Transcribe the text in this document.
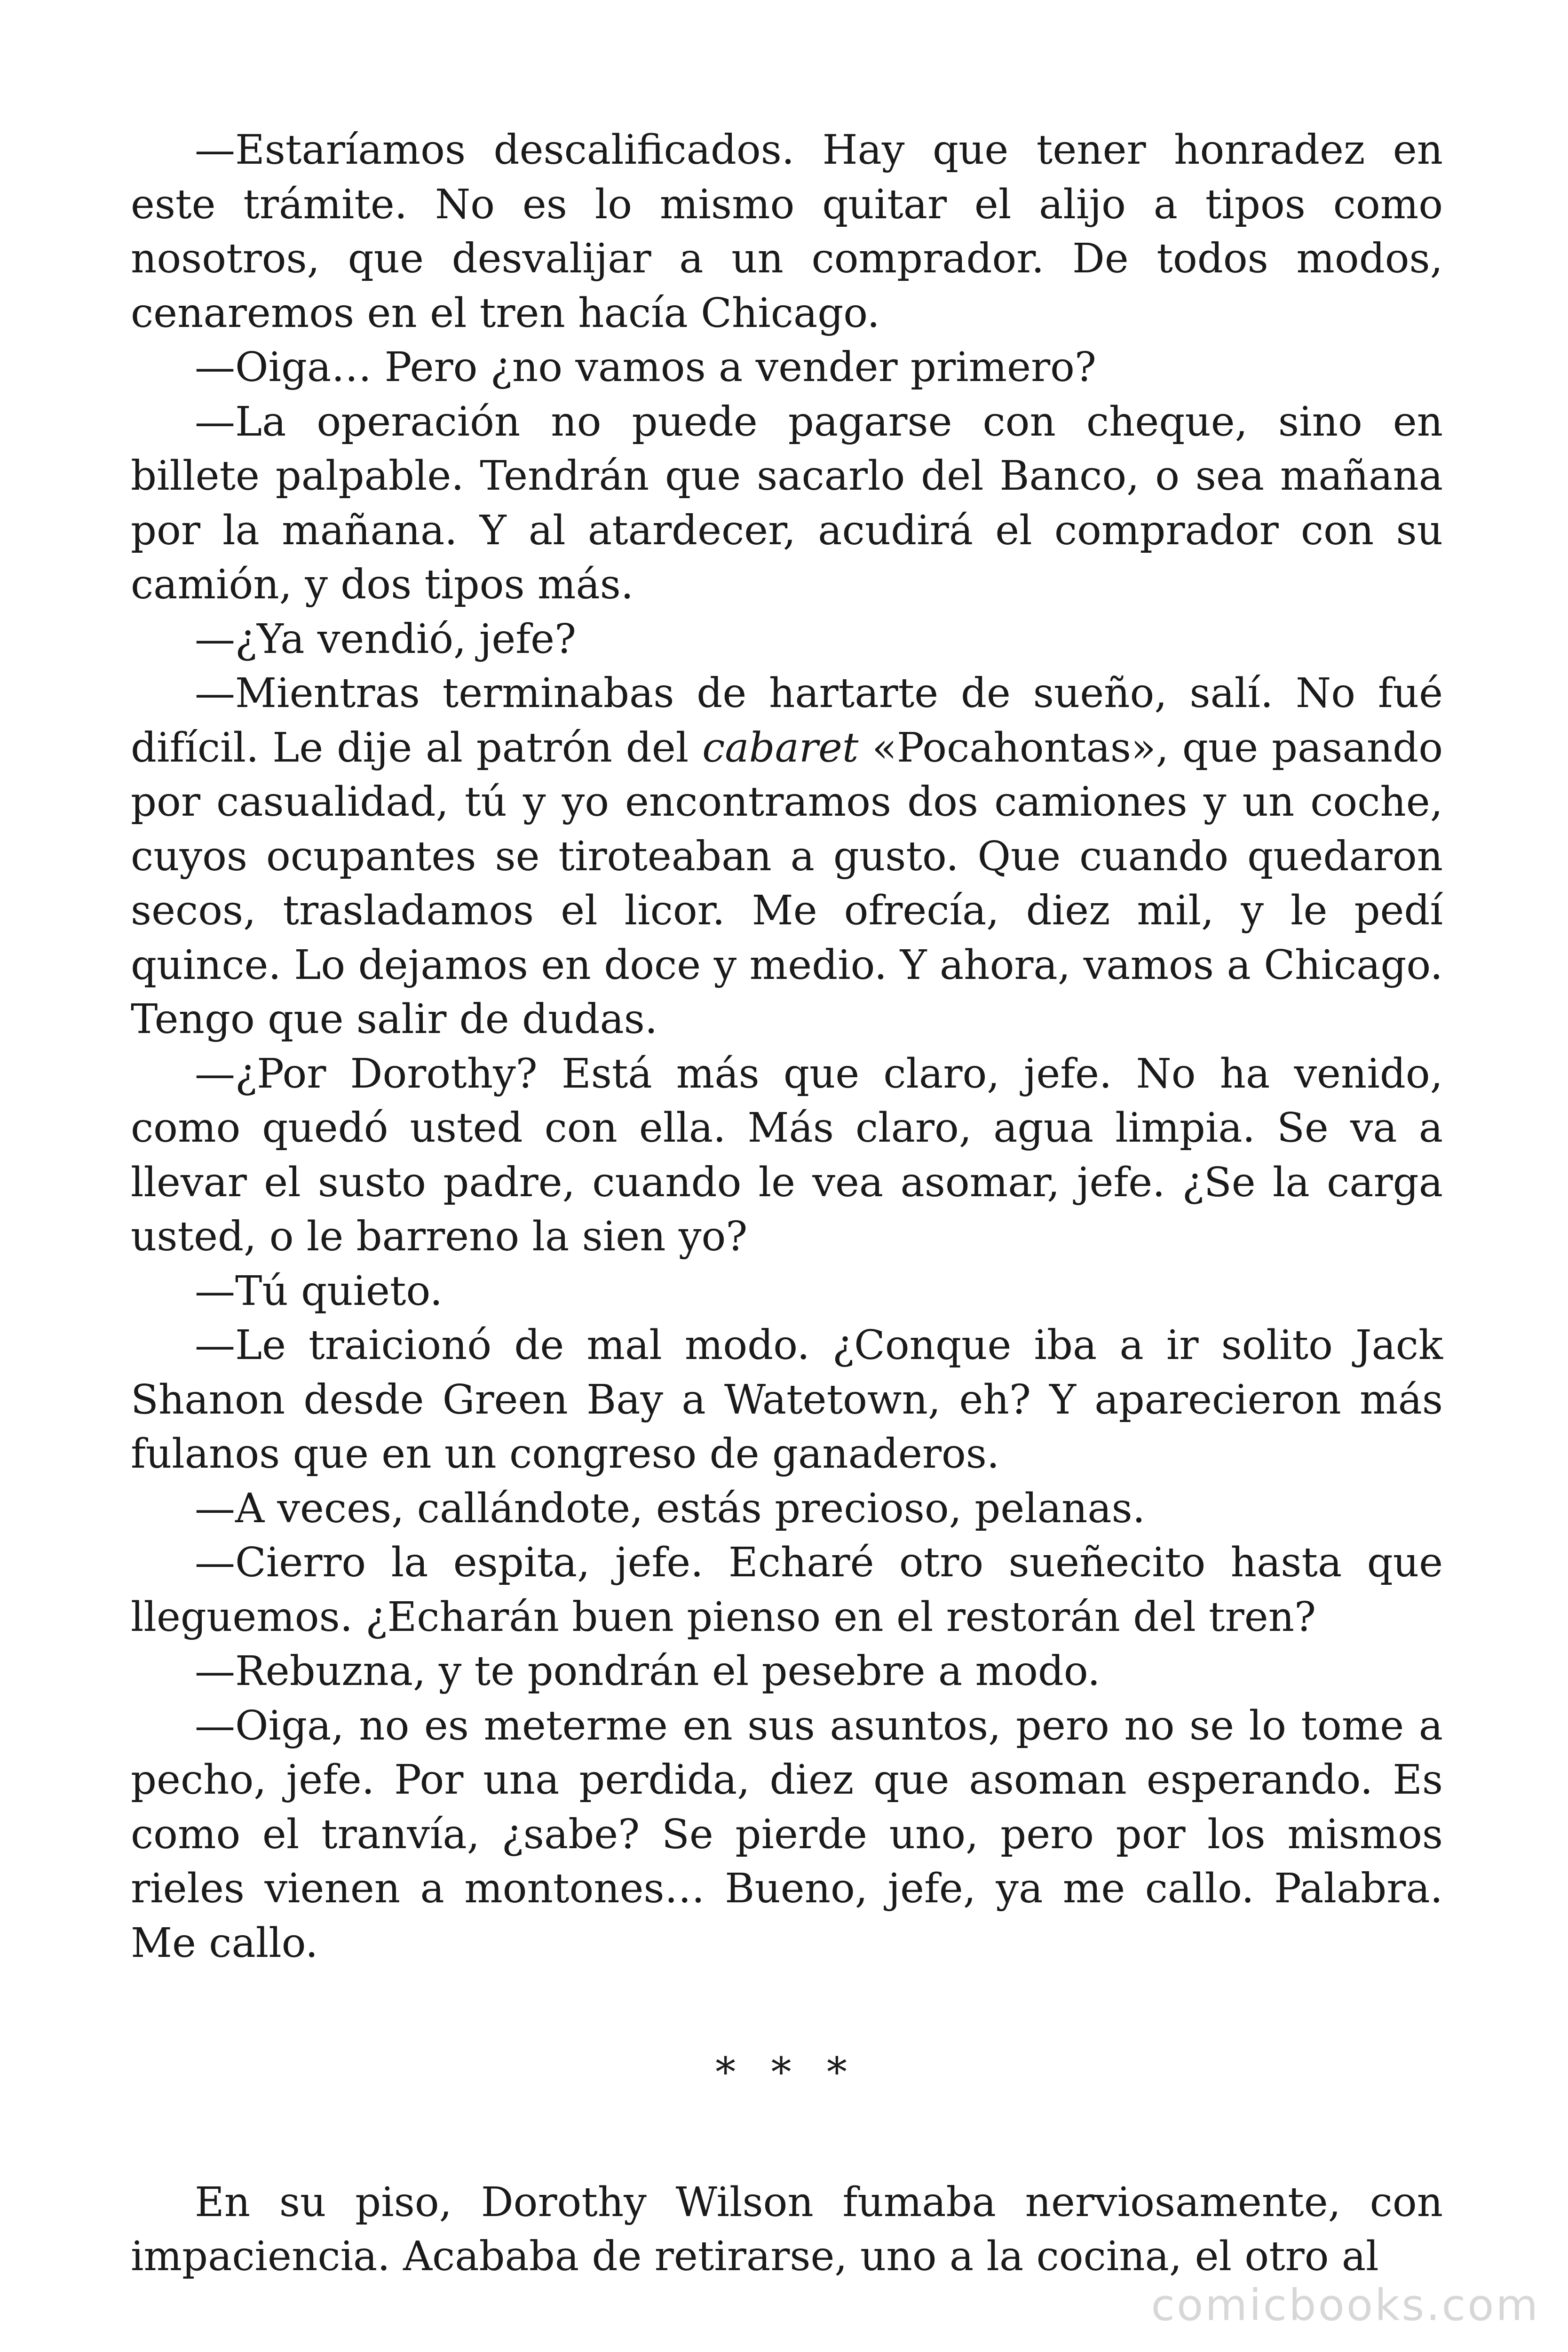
—Estaríamos descalificados. Hay que tener honradez en este trámite. No es lo mismo quitar el alijo a tipos como nosotros, que desvalijar a un comprador. De todos modos, cenaremos en el tren hacía Chicago.

—Oiga… Pero ¿no vamos a vender primero?

—La operación no puede pagarse con cheque, sino en billete palpable. Tendrán que sacarlo del Banco, o sea mañana por la mañana. Y al atardecer, acudirá el comprador con su camión, y dos tipos más.

—¿Ya vendió, jefe?

—Mientras terminabas de hartarte de sueño, salí. No fué difícil. Le dije al patrón del cabaret «Pocahontas», que pasando por casualidad, tú y yo encontramos dos camiones y un coche, cuyos ocupantes se tiroteaban a gusto. Que cuando quedaron secos, trasladamos el licor. Me ofrecía, diez mil, y le pedí quince. Lo dejamos en doce y medio. Y ahora, vamos a Chicago. Tengo que salir de dudas.

—¿Por Dorothy? Está más que claro, jefe. No ha venido, como quedó usted con ella. Más claro, agua limpia. Se va a llevar el susto padre, cuando le vea asomar, jefe. ¿Se la carga usted, o le barreno la sien yo?

—Tú quieto.

—Le traicionó de mal modo. ¿Conque iba a ir solito Jack Shanon desde Green Bay a Watetown, eh? Y aparecieron más fulanos que en un congreso de ganaderos.

—A veces, callándote, estás precioso, pelanas.

—Cierro la espita, jefe. Echaré otro sueñecito hasta que lleguemos. ¿Echarán buen pienso en el restorán del tren?

—Rebuzna, y te pondrán el pesebre a modo.

—Oiga, no es meterme en sus asuntos, pero no se lo tome a pecho, jefe. Por una perdida, diez que asoman esperando. Es como el tranvía, ¿sabe? Se pierde uno, pero por los mismos rieles vienen a montones… Bueno, jefe, ya me callo. Palabra. Me callo.

* * *

En su piso, Dorothy Wilson fumaba nerviosamente, con impaciencia. Acababa de retirarse, uno a la cocina, el otro al

comicbooks.com
